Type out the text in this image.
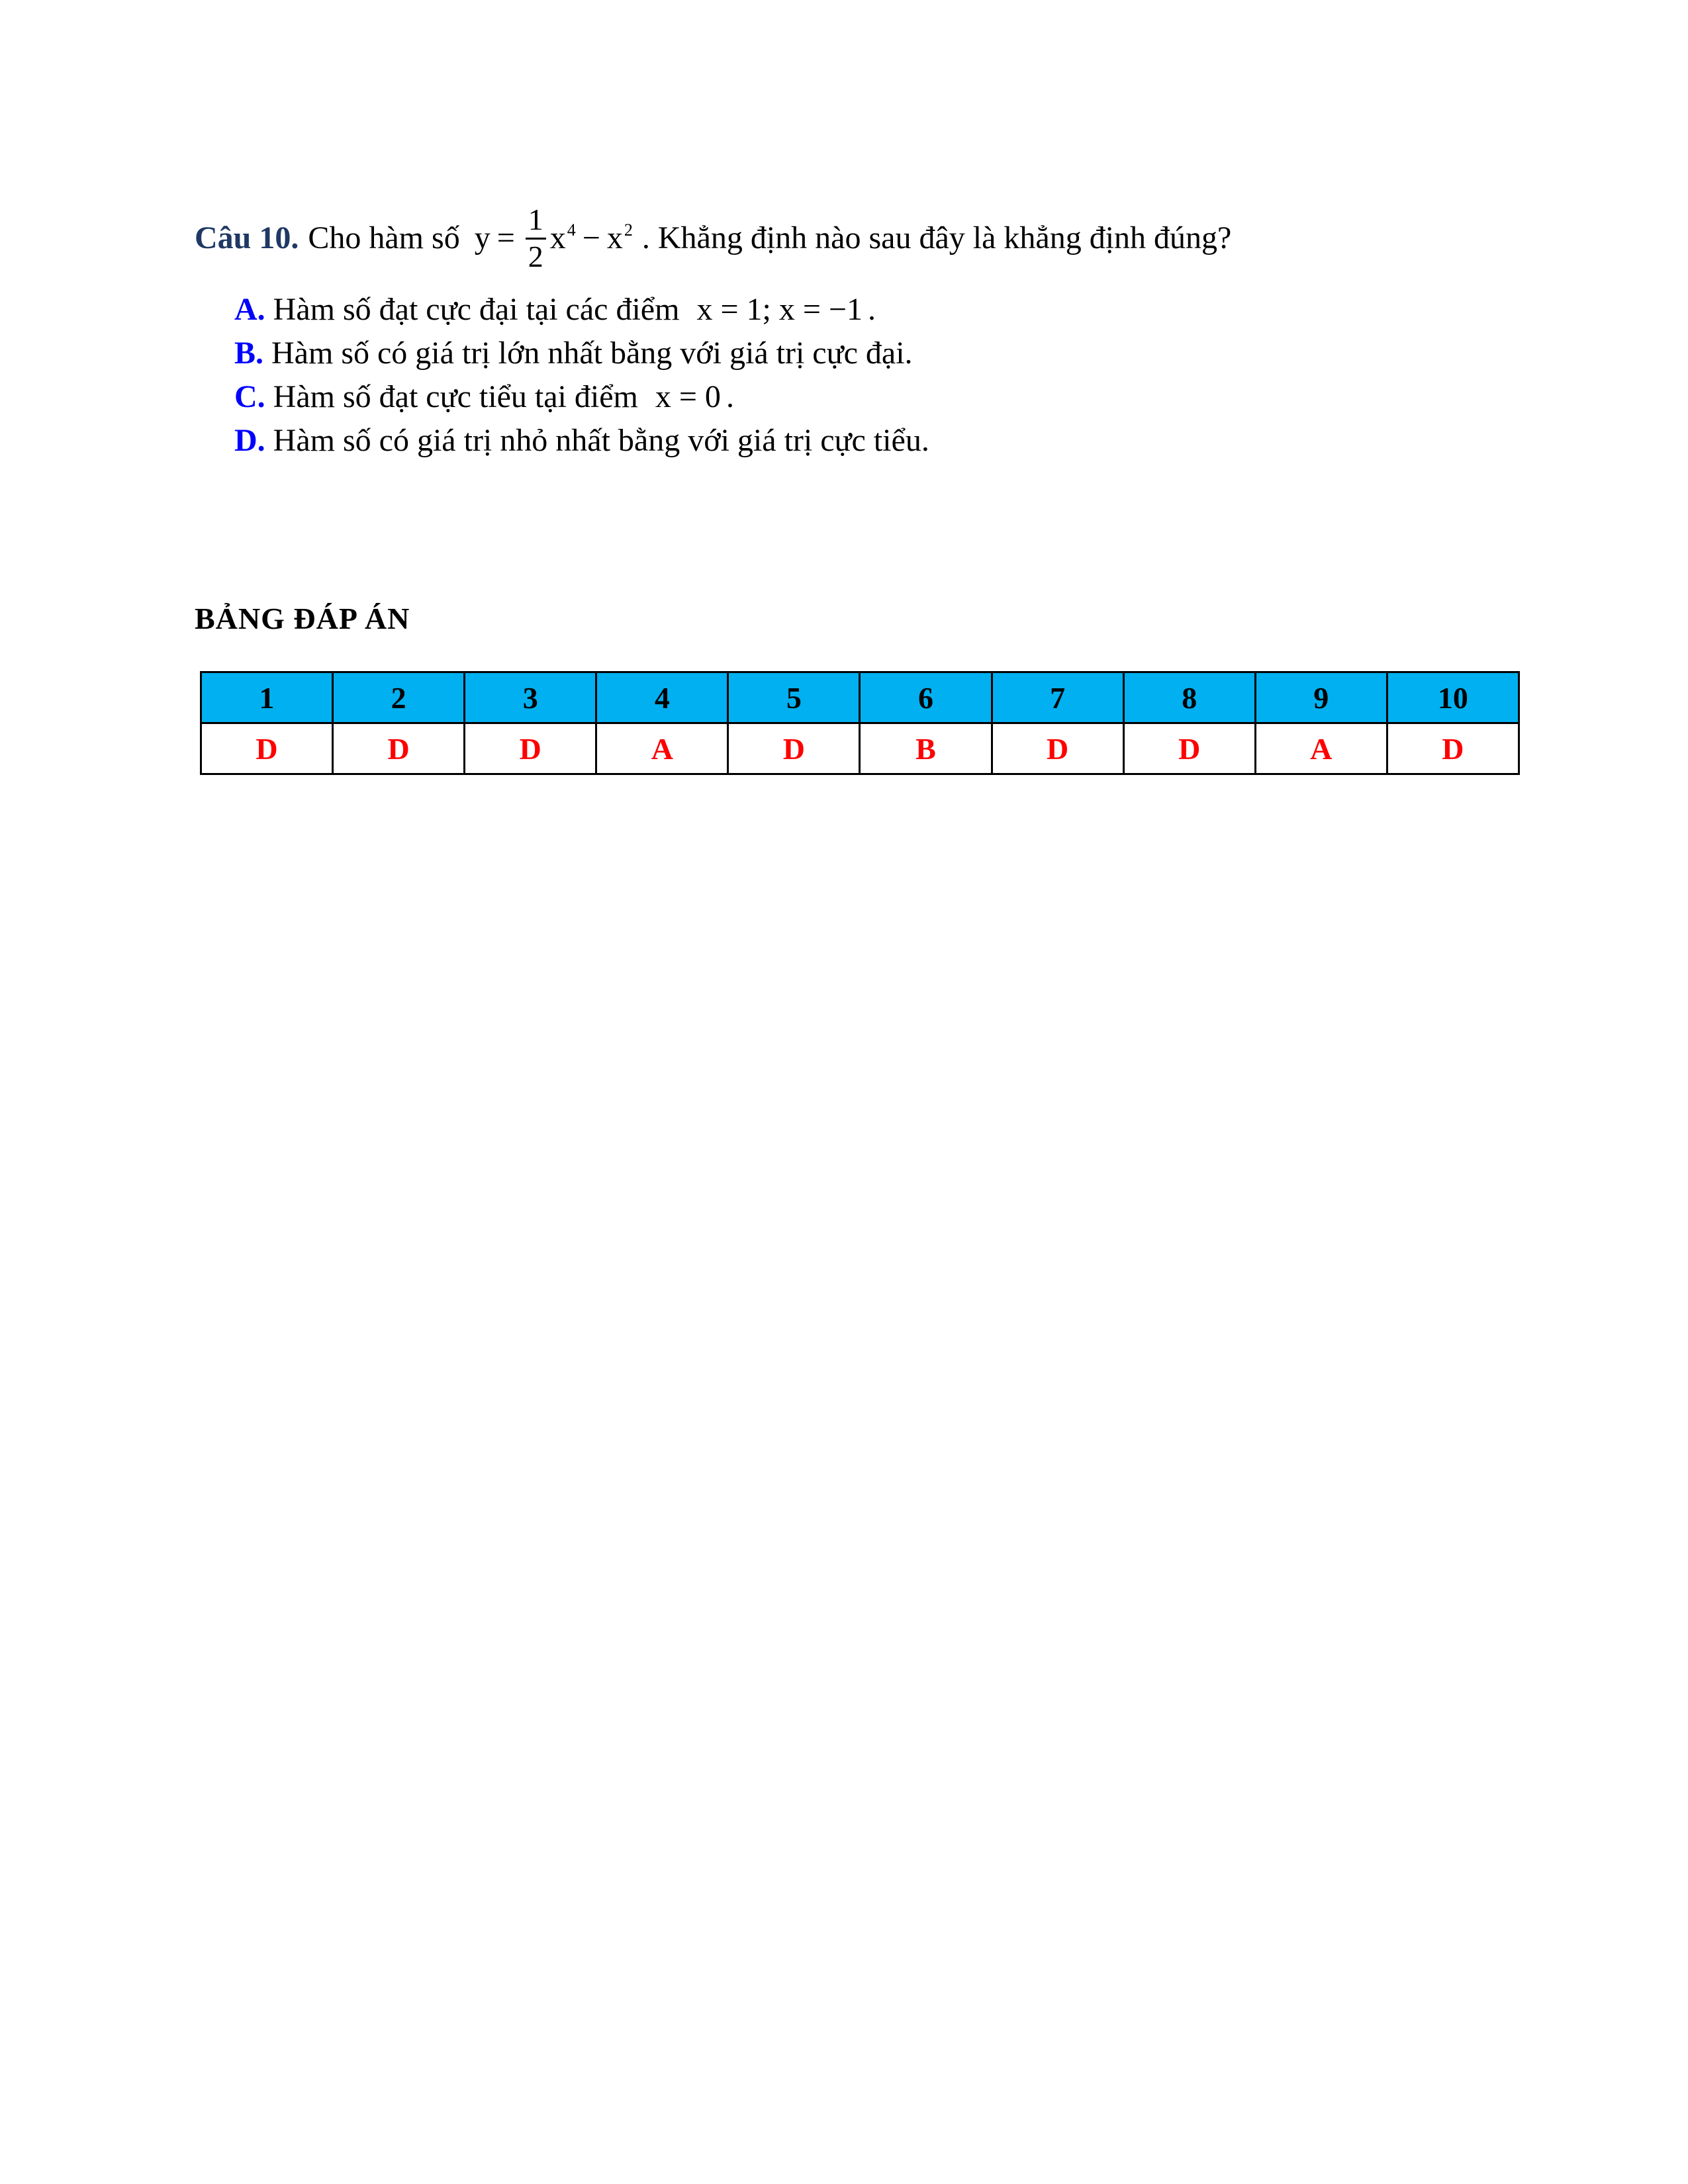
Câu 10. Cho hàm số $y = \frac{1}{2} x^4 - x^2$ . Khẳng định nào sau đây là khẳng định đúng?
A. Hàm số đạt cực đại tại các điểm x = 1; x = −1 .
B. Hàm số có giá trị lớn nhất bằng với giá trị cực đại.
C. Hàm số đạt cực tiểu tại điểm x = 0 .
D. Hàm số có giá trị nhỏ nhất bằng với giá trị cực tiểu.
BẢNG ĐÁP ÁN
1	2	3	4	5	6	7	8	9	10
D	D	D	A	D	B	D	D	A	D
